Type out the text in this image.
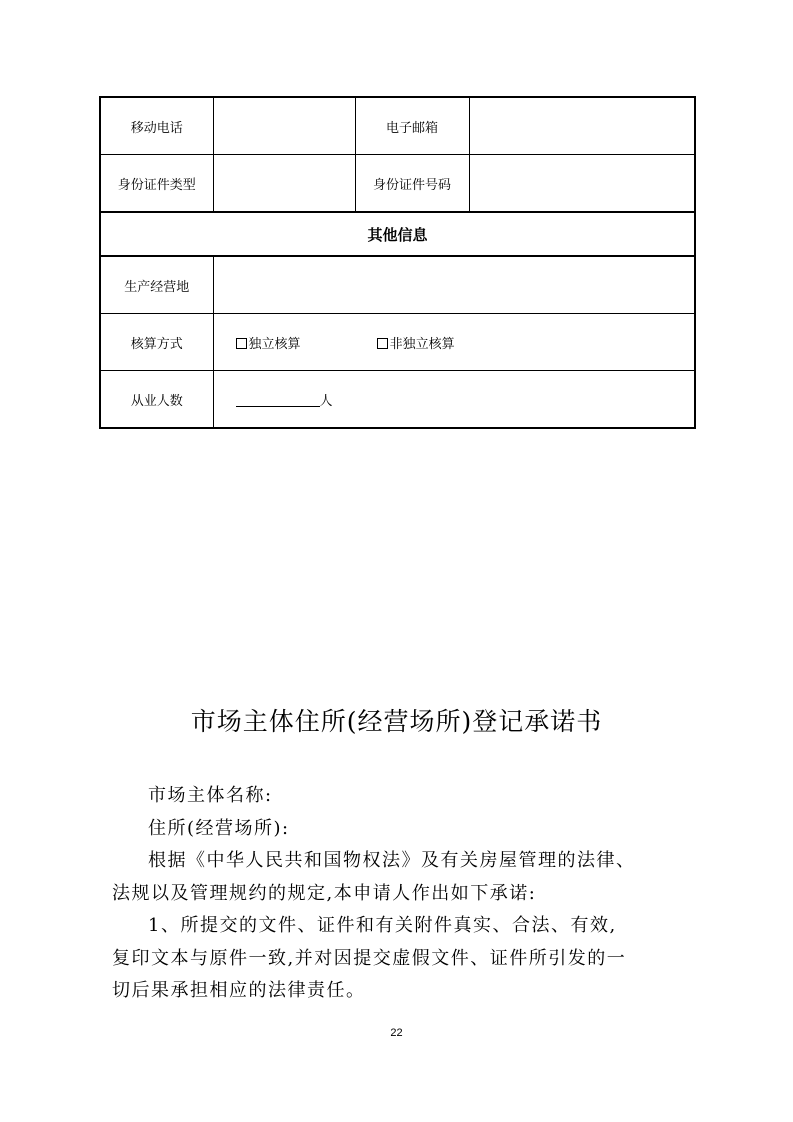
移动电话		电子邮箱	
身份证件类型		身份证件号码	
其他信息			
生产经营地			
核算方式	独立核算 非独立核算		
从业人数	人		
市场主体住所(经营场所)登记承诺书

市场主体名称:

住所(经营场所):

根据《中华人民共和国物权法》及有关房屋管理的法律、

法规以及管理规约的规定,本申请人作出如下承诺:

1、所提交的文件、证件和有关附件真实、合法、有效,

复印文本与原件一致,并对因提交虚假文件、证件所引发的一

切后果承担相应的法律责任。

22
